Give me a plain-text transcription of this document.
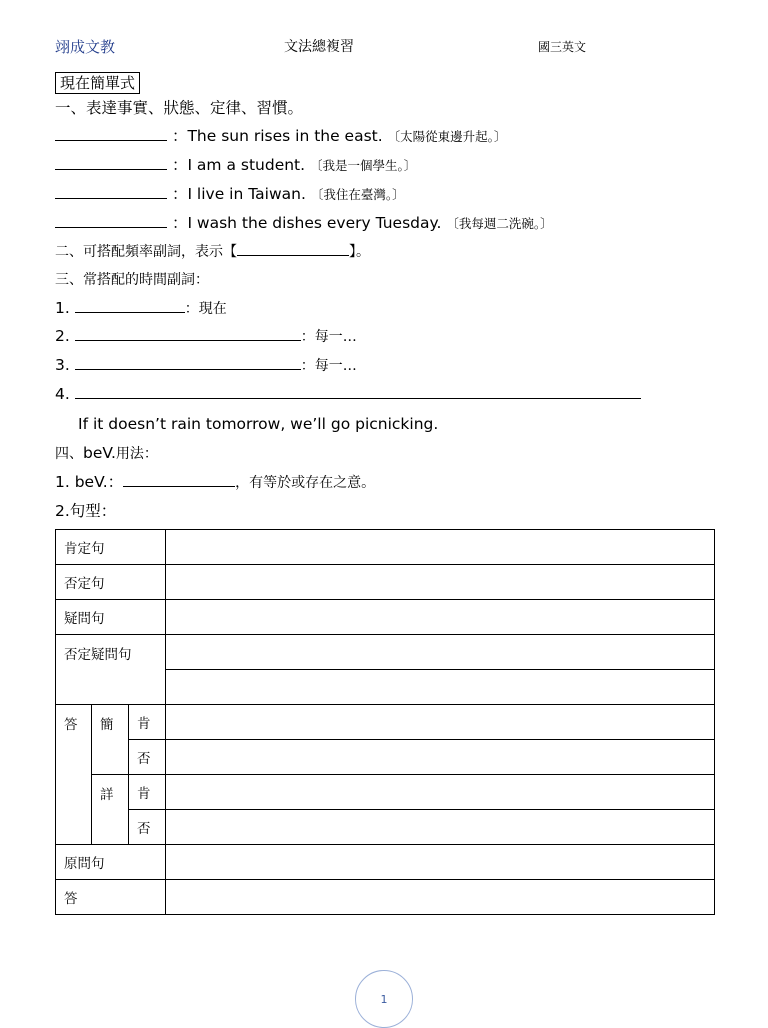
翊成文教	文法總複習	國三英文
現在簡單式
一、表達事實、狀態、定律、習慣。
：The sun rises in the east. 〔太陽從東邊升起。〕
：I am a student. 〔我是一個學生。〕
：I live in Taiwan. 〔我住在臺灣。〕
：I wash the dishes every Tuesday. 〔我每週二洗碗。〕
二、可搭配頻率副詞，表示【	】。
三、常搭配的時間副詞：
1.	：現在
2.	：每一…
3.	：每一…
4.
If it doesn’t rain tomorrow, we’ll go picnicking.
四、beV.用法：
1. beV.：	，有等於或存在之意。
2.句型：
肯定句			
否定句			
疑問句			
否定疑問句			

答	簡	肯	
		否	
	詳	肯	
		否	
原問句			
答			
1
